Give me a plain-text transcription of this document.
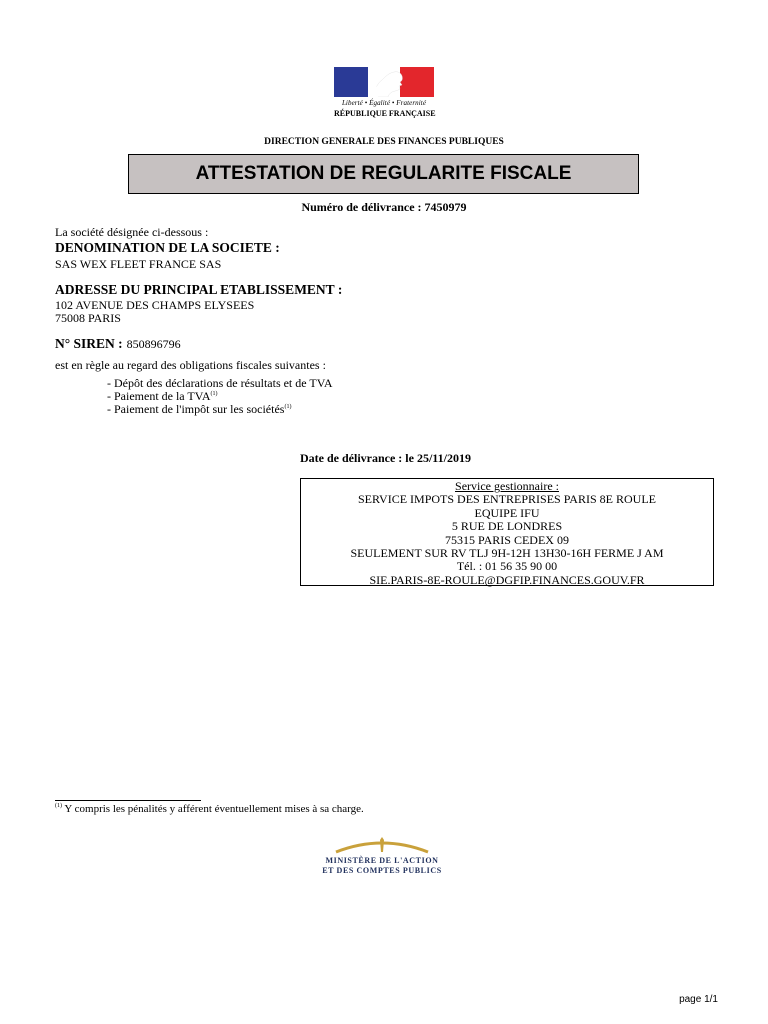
Liberté • Égalité • Fraternité
RÉPUBLIQUE FRANÇAISE
DIRECTION GENERALE DES FINANCES PUBLIQUES
ATTESTATION DE REGULARITE FISCALE
Numéro de délivrance : 7450979
La société désignée ci-dessous :
DENOMINATION DE LA SOCIETE :
SAS WEX FLEET FRANCE SAS
ADRESSE DU PRINCIPAL ETABLISSEMENT :
102 AVENUE DES CHAMPS ELYSEES
75008 PARIS
N° SIREN : 850896796
est en règle au regard des obligations fiscales suivantes :
- Dépôt des déclarations de résultats et de TVA
- Paiement de la TVA$^{(1)}$
- Paiement de l'impôt sur les sociétés$^{(1)}$
Date de délivrance : le 25/11/2019
Service gestionnaire :
SERVICE IMPOTS DES ENTREPRISES PARIS 8E ROULE
EQUIPE IFU
5 RUE DE LONDRES
75315 PARIS CEDEX 09
SEULEMENT SUR RV TLJ 9H-12H 13H30-16H FERME J AM
Tél. : 01 56 35 90 00
SIE.PARIS-8E-ROULE@DGFIP.FINANCES.GOUV.FR
$^{(1)}$ Y compris les pénalités y afférent éventuellement mises à sa charge.
MINISTÈRE DE L'ACTION
ET DES COMPTES PUBLICS
page 1/1
